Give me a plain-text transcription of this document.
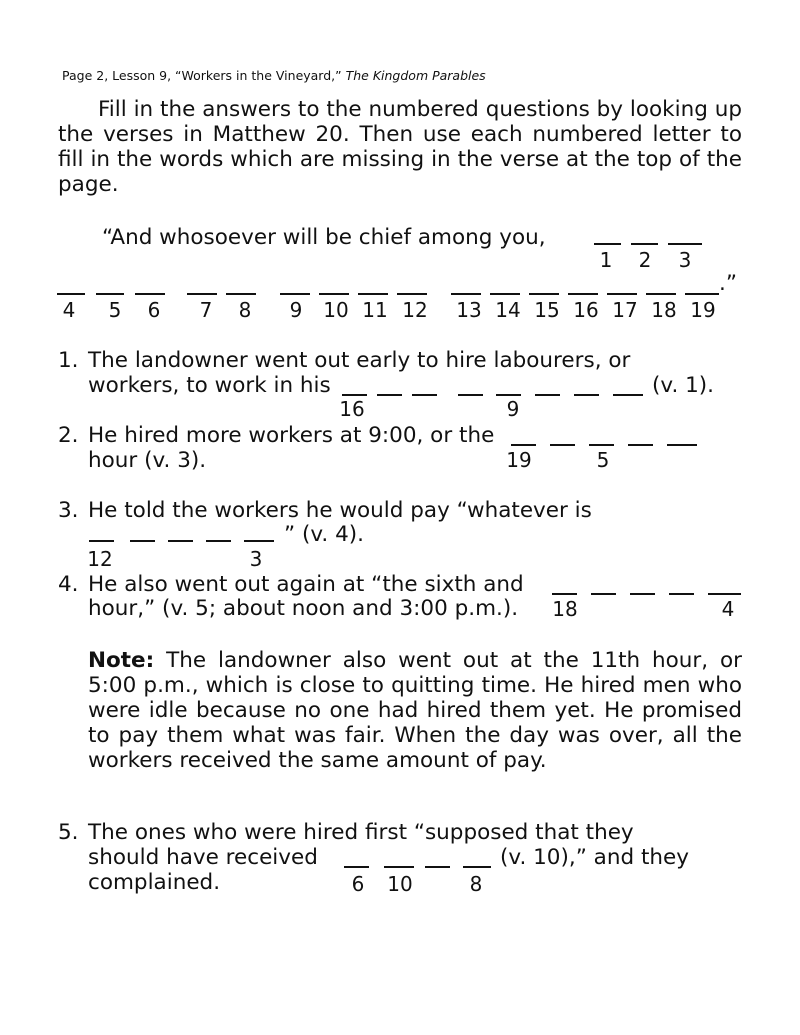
Page 2, Lesson 9, “Workers in the Vineyard,” The Kingdom Parables
Fill in the answers to the numbered questions by looking up the verses in Matthew 20. Then use each numbered letter to fill in the words which are missing in the verse at the top of the page.
“And whosoever will be chief among you,
1 2 3
.”
4 5 6 7 8 9 10 11 12 13 14 15 16 17 18 19
1. The landowner went out early to hire labourers, or
workers, to work in his	(v. 1).
16	9
2. He hired more workers at 9:00, or the
hour (v. 3).	19	5
3. He told the workers he would pay “whatever is
” (v. 4).
12	3
4. He also went out again at “the sixth and
hour,” (v. 5; about noon and 3:00 p.m.). 18	4
Note: The landowner also went out at the 11th hour, or 5:00 p.m., which is close to quitting time. He hired men who were idle because no one had hired them yet. He promised to pay them what was fair. When the day was over, all the workers received the same amount of pay.
5. The ones who were hired first “supposed that they
should have received	(v. 10),” and they
complained.	6 10	8
